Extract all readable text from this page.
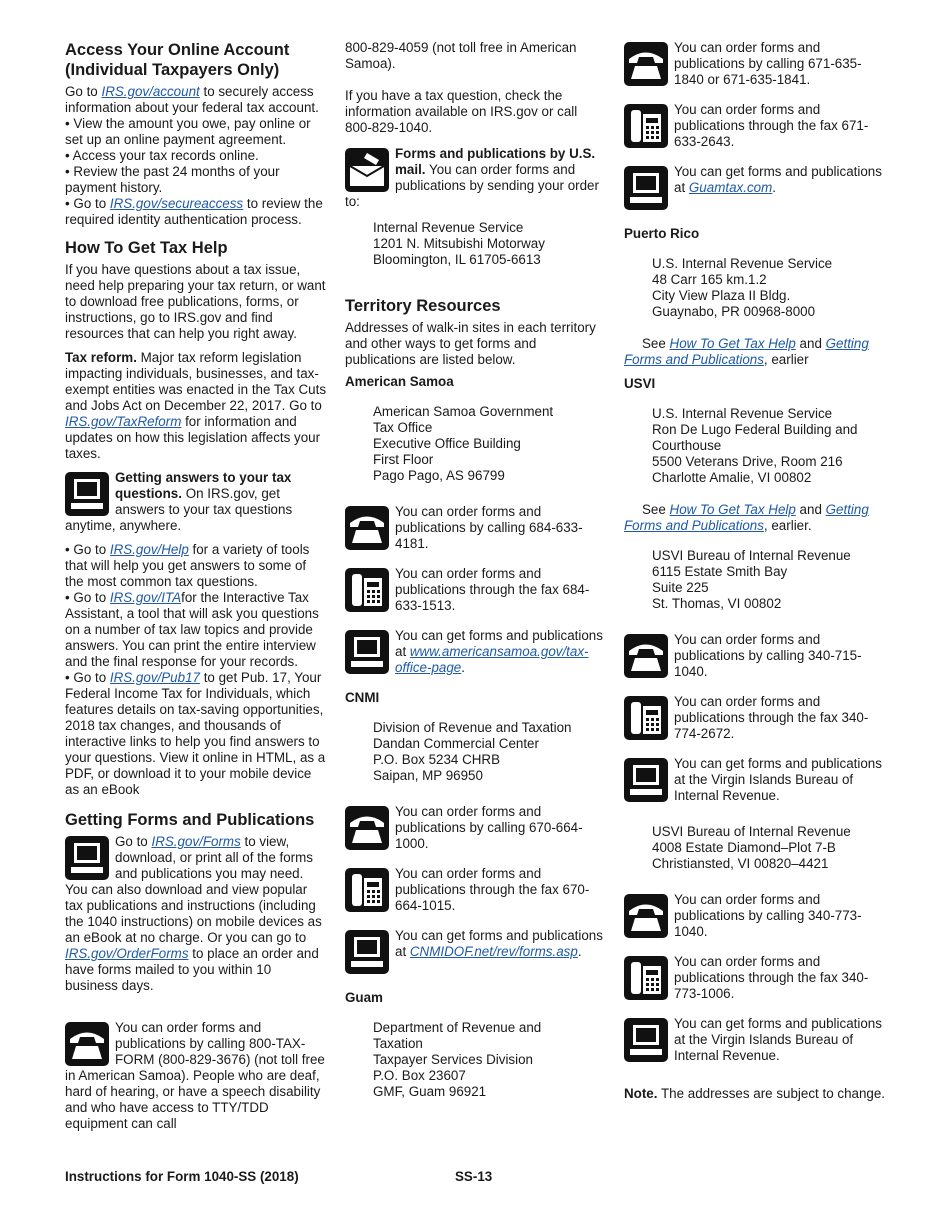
Access Your Online Account (Individual Taxpayers Only)

Go to IRS.gov/account to securely access information about your federal tax account.

• View the amount you owe, pay online or set up an online payment agreement.

• Access your tax records online.

• Review the past 24 months of your payment history.

• Go to IRS.gov/secureaccess to review the required identity authentication process.

How To Get Tax Help

If you have questions about a tax issue, need help preparing your tax return, or want to download free publications, forms, or instructions, go to IRS.gov and find resources that can help you right away.

Tax reform. Major tax reform legislation impacting individuals, businesses, and tax-exempt entities was enacted in the Tax Cuts and Jobs Act on December 22, 2017. Go to IRS.gov/TaxReform for information and updates on how this legislation affects your taxes.

Getting answers to your tax questions. On IRS.gov, get answers to your tax questions anytime, anywhere.

• Go to IRS.gov/Help for a variety of tools that will help you get answers to some of the most common tax questions.

• Go to IRS.gov/ITAfor the Interactive Tax Assistant, a tool that will ask you questions on a number of tax law topics and provide answers. You can print the entire interview and the final response for your records.

• Go to IRS.gov/Pub17 to get Pub. 17, Your Federal Income Tax for Individuals, which features details on tax-saving opportunities, 2018 tax changes, and thousands of interactive links to help you find answers to your questions. View it online in HTML, as a PDF, or download it to your mobile device as an eBook

Getting Forms and Publications

Go to IRS.gov/Forms to view, download, or print all of the forms and publications you may need. You can also download and view popular tax publications and instructions (including the 1040 instructions) on mobile devices as an eBook at no charge. Or you can go to IRS.gov/OrderForms to place an order and have forms mailed to you within 10 business days.

You can order forms and publications by calling 800-TAX-FORM (800-829-3676) (not toll free in American Samoa). People who are deaf, hard of hearing, or have a speech disability and who have access to TTY/TDD equipment can call

800-829-4059 (not toll free in American Samoa).

If you have a tax question, check the information available on IRS.gov or call 800-829-1040.

Forms and publications by U.S. mail. You can order forms and publications by sending your order to:

Internal Revenue Service
1201 N. Mitsubishi Motorway
Bloomington, IL 61705-6613
Territory Resources

Addresses of walk-in sites in each territory and other ways to get forms and publications are listed below.

American Samoa
American Samoa Government
Tax Office
Executive Office Building
First Floor
Pago Pago, AS 96799
You can order forms and publications by calling 684-633-4181.
You can order forms and publications through the fax 684-633-1513.

You can get forms and publications at www.americansamoa.gov/tax-office-page.

CNMI
Division of Revenue and Taxation
Dandan Commercial Center
P.O. Box 5234 CHRB
Saipan, MP 96950
You can order forms and publications by calling 670-664-1000.
You can order forms and publications through the fax 670-664-1015.
You can get forms and publications at CNMIDOF.net/rev/forms.asp.
Guam
Department of Revenue and
Taxation
Taxpayer Services Division
P.O. Box 23607
GMF, Guam 96921
You can order forms and publications by calling 671-635-1840 or 671-635-1841.
You can order forms and publications through the fax 671-633-2643.
You can get forms and publications at Guamtax.com.
Puerto Rico
U.S. Internal Revenue Service
48 Carr 165 km.1.2
City View Plaza II Bldg.
Guaynabo, PR 00968-8000

See How To Get Tax Help and Getting Forms and Publications, earlier

USVI
U.S. Internal Revenue Service
Ron De Lugo Federal Building and Courthouse
5500 Veterans Drive, Room 216
Charlotte Amalie, VI 00802

See How To Get Tax Help and Getting Forms and Publications, earlier.

USVI Bureau of Internal Revenue
6115 Estate Smith Bay
Suite 225
St. Thomas, VI 00802
You can order forms and publications by calling 340-715-1040.
You can order forms and publications through the fax 340-774-2672.
You can get forms and publications at the Virgin Islands Bureau of Internal Revenue.
USVI Bureau of Internal Revenue
4008 Estate Diamond–Plot 7-B
Christiansted, VI 00820–4421
You can order forms and publications by calling 340-773-1040.
You can order forms and publications through the fax 340-773-1006.
You can get forms and publications at the Virgin Islands Bureau of Internal Revenue.

Note. The addresses are subject to change.

Instructions for Form 1040-SS (2018)	SS-13
